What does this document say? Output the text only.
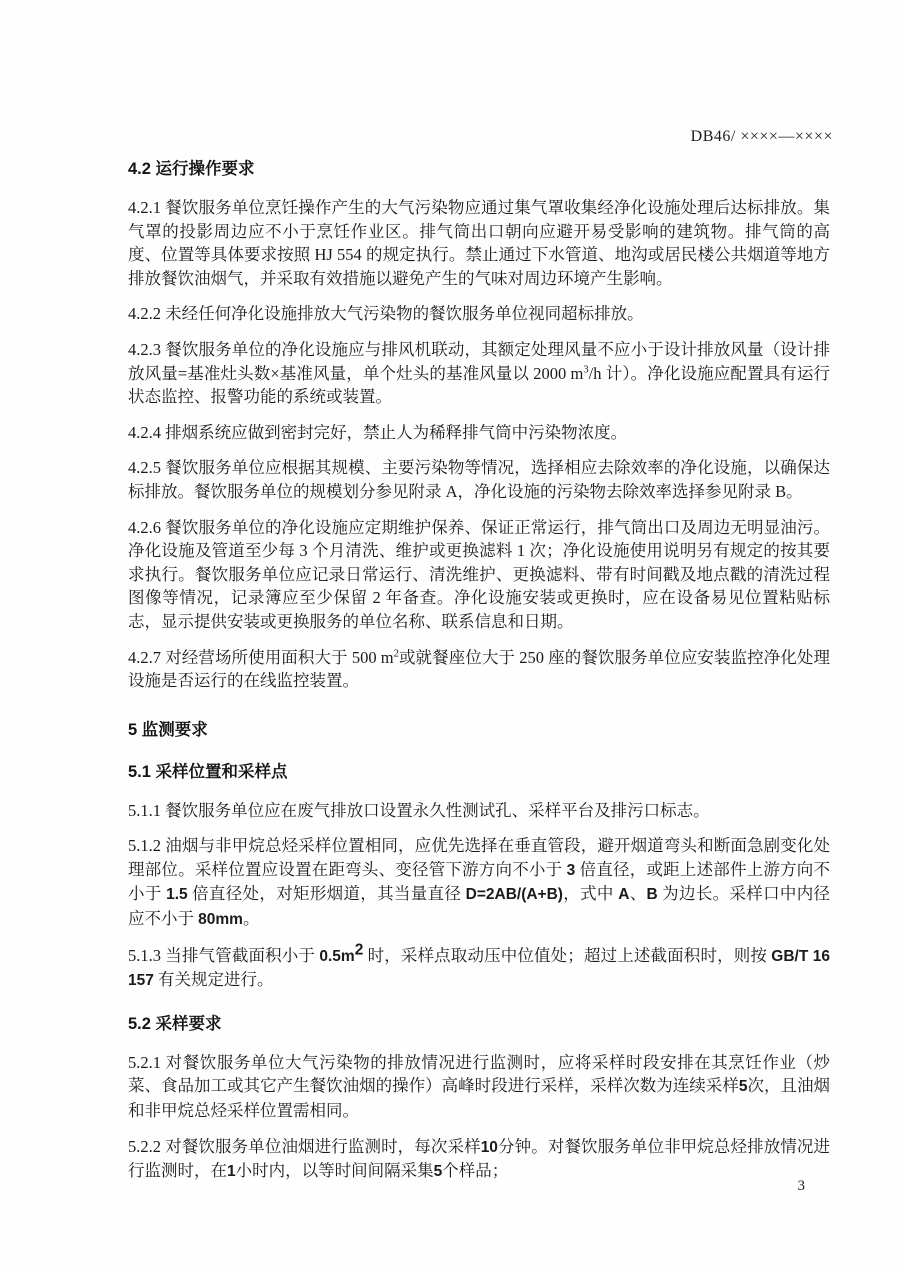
DB46/ ××××—××××
4.2 运行操作要求

4.2.1 餐饮服务单位烹饪操作产生的大气污染物应通过集气罩收集经净化设施处理后达标排放。集气罩的投影周边应不小于烹饪作业区。排气筒出口朝向应避开易受影响的建筑物。排气筒的高度、位置等具体要求按照 HJ 554 的规定执行。禁止通过下水管道、地沟或居民楼公共烟道等地方排放餐饮油烟气，并采取有效措施以避免产生的气味对周边环境产生影响。

4.2.2 未经任何净化设施排放大气污染物的餐饮服务单位视同超标排放。

4.2.3 餐饮服务单位的净化设施应与排风机联动，其额定处理风量不应小于设计排放风量（设计排放风量=基准灶头数×基准风量，单个灶头的基准风量以 2000 $m^3/h$ 计）。净化设施应配置具有运行状态监控、报警功能的系统或装置。

4.2.4 排烟系统应做到密封完好，禁止人为稀释排气筒中污染物浓度。

4.2.5 餐饮服务单位应根据其规模、主要污染物等情况，选择相应去除效率的净化设施，以确保达标排放。餐饮服务单位的规模划分参见附录 A，净化设施的污染物去除效率选择参见附录 B。

4.2.6 餐饮服务单位的净化设施应定期维护保养、保证正常运行，排气筒出口及周边无明显油污。净化设施及管道至少每 3 个月清洗、维护或更换滤料 1 次；净化设施使用说明另有规定的按其要求执行。餐饮服务单位应记录日常运行、清洗维护、更换滤料、带有时间戳及地点戳的清洗过程图像等情况，记录簿应至少保留 2 年备查。净化设施安装或更换时，应在设备易见位置粘贴标志，显示提供安装或更换服务的单位名称、联系信息和日期。

4.2.7 对经营场所使用面积大于 500 $m^2$或就餐座位大于 250 座的餐饮服务单位应安装监控净化处理设施是否运行的在线监控装置。

5 监测要求
5.1 采样位置和采样点

5.1.1 餐饮服务单位应在废气排放口设置永久性测试孔、采样平台及排污口标志。

5.1.2 油烟与非甲烷总烃采样位置相同，应优先选择在垂直管段，避开烟道弯头和断面急剧变化处理部位。采样位置应设置在距弯头、变径管下游方向不小于 3 倍直径，或距上述部件上游方向不小于 1.5 倍直径处，对矩形烟道，其当量直径 D=2AB/(A+B)，式中 A、B 为边长。采样口中内径应不小于 80mm。

5.1.3 当排气管截面积小于 $0.5m^2$ 时，采样点取动压中位值处；超过上述截面积时，则按 GB/T 16157 有关规定进行。

5.2 采样要求

5.2.1 对餐饮服务单位大气污染物的排放情况进行监测时，应将采样时段安排在其烹饪作业（炒菜、食品加工或其它产生餐饮油烟的操作）高峰时段进行采样，采样次数为连续采样5次，且油烟和非甲烷总烃采样位置需相同。

5.2.2 对餐饮服务单位油烟进行监测时，每次采样10分钟。对餐饮服务单位非甲烷总烃排放情况进行监测时，在1小时内，以等时间间隔采集5个样品；

3
